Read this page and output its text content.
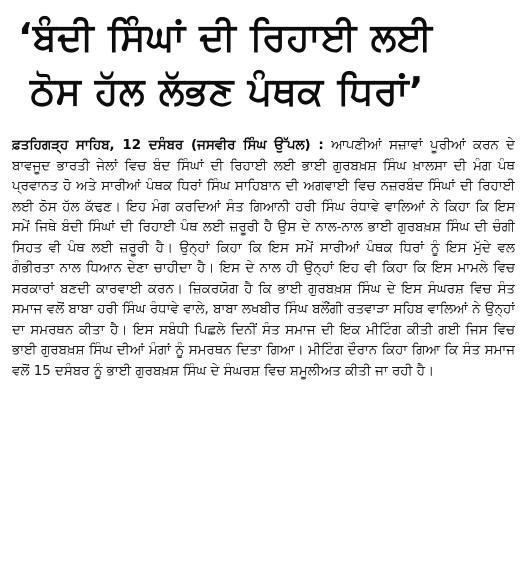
‘ਬੰਦੀ ਸਿੰਘਾਂ ਦੀ ਰਿਹਾਈ ਲਈ
ਠੋਸ ਹੱਲ ਲੱਭਣ ਪੰਥਕ ਧਿਰਾਂ’

ਫ਼ਤਹਿਗੜ੍ਹ ਸਾਹਿਬ, 12 ਦਸੰਬਰ (ਜਸਵੀਰ ਸਿੰਘ ਉੱਪਲ) : ਆਪਣੀਆਂ ਸਜ਼ਾਵਾਂ ਪੂਰੀਆਂ ਕਰਨ ਦੇ ਬਾਵਜੂਦ ਭਾਰਤੀ ਜੇਲਾਂ ਵਿਚ ਬੰਦ ਸਿੰਘਾਂ ਦੀ ਰਿਹਾਈ ਲਈ ਭਾਈ ਗੁਰਬਖ਼ਸ਼ ਸਿੰਘ ਖ਼ਾਲਸਾ ਦੀ ਮੰਗ ਪੰਥ ਪ੍ਰਵਾਨਤ ਹੋ ਅਤੇ ਸਾਰੀਆਂ ਪੰਥਕ ਧਿਰਾਂ ਸਿੰਘ ਸਾਹਿਬਾਨ ਦੀ ਅਗਵਾਈ ਵਿਚ ਨਜ਼ਰਬੰਦ ਸਿੰਘਾਂ ਦੀ ਰਿਹਾਈ ਲਈ ਠੋਸ ਹੱਲ ਕੱਢਣ। ਇਹ ਮੰਗ ਕਰਦਿਆਂ ਸੰਤ ਗਿਆਨੀ ਹਰੀ ਸਿੰਘ ਰੰਧਾਵੇ ਵਾਲਿਆਂ ਨੇ ਕਿਹਾ ਕਿ ਇਸ ਸਮੇਂ ਜਿਥੇ ਬੰਦੀ ਸਿੰਘਾਂ ਦੀ ਰਿਹਾਈ ਪੰਥ ਲਈ ਜ਼ਰੂਰੀ ਹੈ ਉਸ ਦੇ ਨਾਲ-ਨਾਲ ਭਾਈ ਗੁਰਬਖ਼ਸ਼ ਸਿੰਘ ਦੀ ਚੰਗੀ ਸਿਹਤ ਵੀ ਪੰਥ ਲਈ ਜ਼ਰੂਰੀ ਹੈ। ਉਨ੍ਹਾਂ ਕਿਹਾ ਕਿ ਇਸ ਸਮੇਂ ਸਾਰੀਆਂ ਪੰਥਕ ਧਿਰਾਂ ਨੂੰ ਇਸ ਮੁੱਦੇ ਵਲ ਗੰਭੀਰਤਾ ਨਾਲ ਧਿਆਨ ਦੇਣਾ ਚਾਹੀਦਾ ਹੈ। ਇਸ ਦੇ ਨਾਲ ਹੀ ਉਨ੍ਹਾਂ ਇਹ ਵੀ ਕਿਹਾ ਕਿ ਇਸ ਮਾਮਲੇ ਵਿਚ ਸਰਕਾਰਾਂ ਬਣਦੀ ਕਾਰਵਾਈ ਕਰਨ। ਜ਼ਿਕਰਯੋਗ ਹੈ ਕਿ ਭਾਈ ਗੁਰਬਖ਼ਸ਼ ਸਿੰਘ ਦੇ ਇਸ ਸੰਘਰਸ਼ ਵਿਚ ਸੰਤ ਸਮਾਜ ਵਲੋਂ ਬਾਬਾ ਹਰੀ ਸਿੰਘ ਰੰਧਾਵੇ ਵਾਲੇ, ਬਾਬਾ ਲਖਬੀਰ ਸਿੰਘ ਬਲੌਂਗੀ ਰਤਵਾੜਾ ਸਹਿਬ ਵਾਲਿਆਂ ਨੇ ਉਨ੍ਹਾਂ ਦਾ ਸਮਰਥਨ ਕੀਤਾ ਹੈ। ਇਸ ਸਬੰਧੀ ਪਿਛਲੇ ਦਿਨੀਂ ਸੰਤ ਸਮਾਜ ਦੀ ਇਕ ਮੀਟਿੰਗ ਕੀਤੀ ਗਈ ਜਿਸ ਵਿਚ ਭਾਈ ਗੁਰਬਖ਼ਸ਼ ਸਿੰਘ ਦੀਆਂ ਮੰਗਾਂ ਨੂੰ ਸਮਰਥਨ ਦਿਤਾ ਗਿਆ। ਮੀਟਿੰਗ ਦੌਰਾਨ ਕਿਹਾ ਗਿਆ ਕਿ ਸੰਤ ਸਮਾਜ ਵਲੋਂ 15 ਦਸੰਬਰ ਨੂੰ ਭਾਈ ਗੁਰਬਖ਼ਸ਼ ਸਿੰਘ ਦੇ ਸੰਘਰਸ਼ ਵਿਚ ਸ਼ਮੂਲੀਅਤ ਕੀਤੀ ਜਾ ਰਹੀ ਹੈ।
